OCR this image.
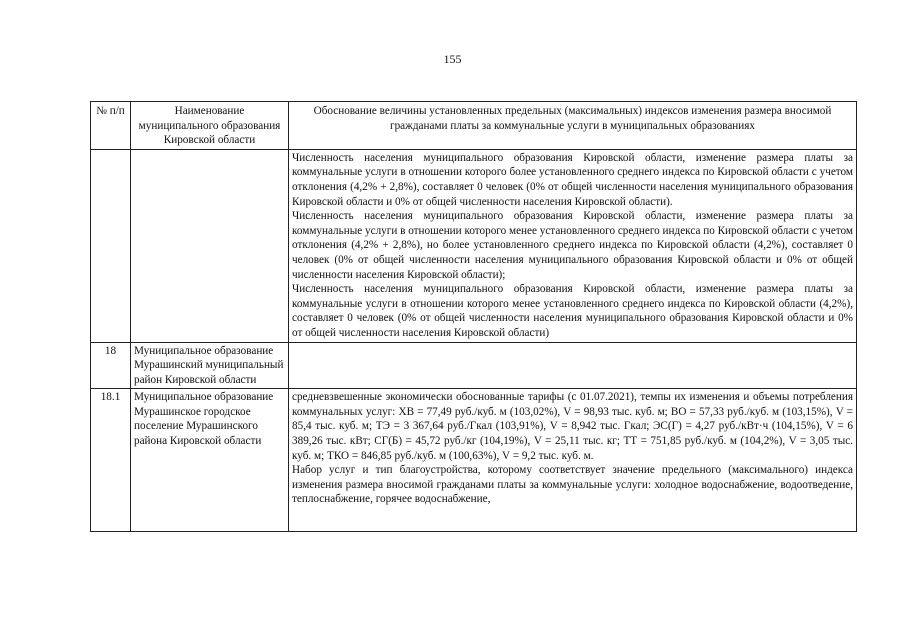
155
№ п/п	Наименование муниципального образования Кировской области	Обоснование величины установленных предельных (максимальных) индексов изменения размера вносимой гражданами платы за коммунальные услуги в муниципальных образованиях

		Численность населения муниципального образования Кировской области, изменение размера платы за коммунальные услуги в отношении которого более установленного среднего индекса по Кировской области с учетом отклонения (4,2% + 2,8%), составляет 0 человек (0% от общей численности населения муниципального образования Кировской области и 0% от общей численности населения Кировской области).

Численность населения муниципального образования Кировской области, изменение размера платы за коммунальные услуги в отношении которого менее установленного среднего индекса по Кировской области с учетом отклонения (4,2% + 2,8%), но более установленного среднего индекса по Кировской области (4,2%), составляет 0 человек (0% от общей численности населения муниципального образования Кировской области и 0% от общей численности населения Кировской области);

Численность населения муниципального образования Кировской области, изменение размера платы за коммунальные услуги в отношении которого менее установленного среднего индекса по Кировской области (4,2%), составляет 0 человек (0% от общей численности населения муниципального образования Кировской области и 0% от общей численности населения Кировской области)

18	Муниципальное образование Мурашинский муниципальный район Кировской области	
18.1	Муниципальное образование Мурашинское городское поселение Мурашинского района Кировской области	средневзвешенные экономически обоснованные тарифы (с 01.07.2021), темпы их изменения и объемы потребления коммунальных услуг: ХВ = 77,49 руб./куб. м (103,02%), V = 98,93 тыс. куб. м; ВО = 57,33 руб./куб. м (103,15%), V = 85,4 тыс. куб. м; ТЭ = 3 367,64 руб./Гкал (103,91%), V = 8,942 тыс. Гкал; ЭС(Г) = 4,27 руб./кВт·ч (104,15%), V = 6 389,26 тыс. кВт; СГ(Б) = 45,72 руб./кг (104,19%), V = 25,11 тыс. кг; ТТ = 751,85 руб./куб. м (104,2%), V = 3,05 тыс. куб. м; ТКО = 846,85 руб./куб. м (100,63%), V = 9,2 тыс. куб. м.

Набор услуг и тип благоустройства, которому соответствует значение предельного (максимального) индекса изменения размера вносимой гражданами платы за коммунальные услуги: холодное водоснабжение, водоотведение, теплоснабжение, горячее водоснабжение,
